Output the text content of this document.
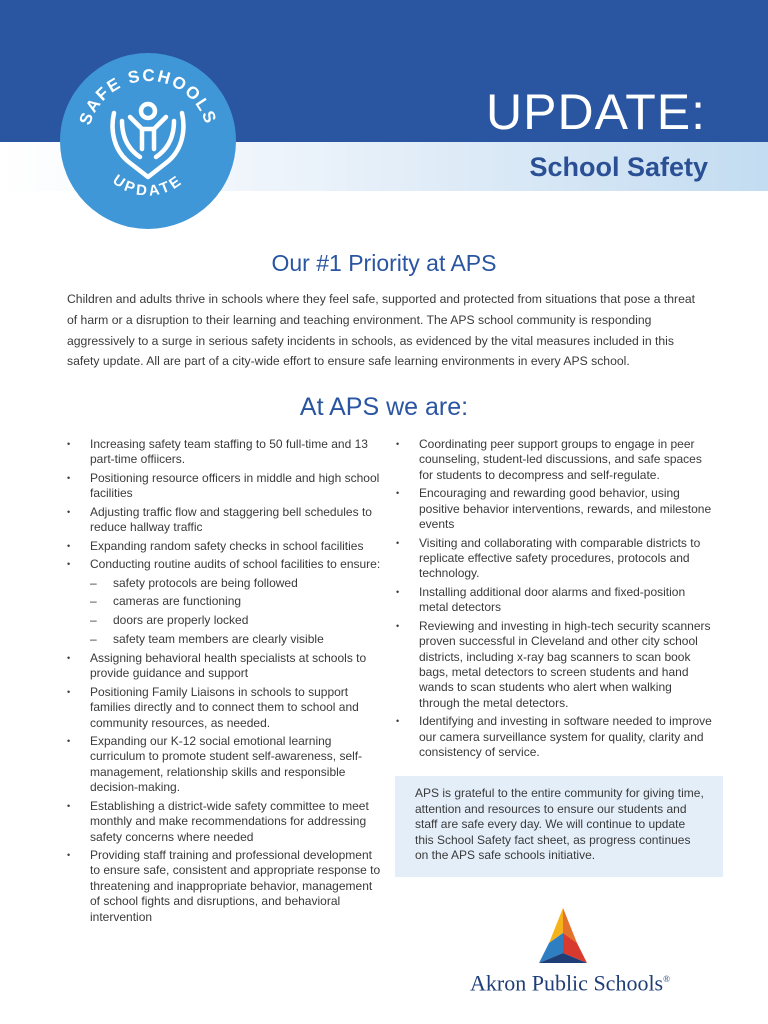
SAFE SCHOOLS
UPDATE
UPDATE:
School Safety
Our #1 Priority at APS

Children and adults thrive in schools where they feel safe, supported and protected from situations that pose a threat of harm or a disruption to their learning and teaching environment. The APS school community is responding aggressively to a surge in serious safety incidents in schools, as evidenced by the vital measures included in this safety update. All are part of a city-wide effort to ensure safe learning environments in every APS school.

At APS we are:
• Increasing safety team staffing to 50 full-time and 13 part-time offiicers.
• Positioning resource officers in middle and high school facilities
• Adjusting traffic flow and staggering bell schedules to reduce hallway traffic
• Expanding random safety checks in school facilities
• Conducting routine audits of school facilities to ensure:
– safety protocols are being followed
– cameras are functioning
– doors are properly locked
– safety team members are clearly visible
• Assigning behavioral health specialists at schools to provide guidance and support
• Positioning Family Liaisons in schools to support families directly and to connect them to school and community resources, as needed.
• Expanding our K-12 social emotional learning curriculum to promote student self-awareness, self-management, relationship skills and responsible decision-making.
• Establishing a district-wide safety committee to meet monthly and make recommendations for addressing safety concerns where needed
• Providing staff training and professional development to ensure safe, consistent and appropriate response to threatening and inappropriate behavior, management of school fights and disruptions, and behavioral intervention
• Coordinating peer support groups to engage in peer counseling, student-led discussions, and safe spaces for students to decompress and self-regulate.
• Encouraging and rewarding good behavior, using positive behavior interventions, rewards, and milestone events
• Visiting and collaborating with comparable districts to replicate effective safety procedures, protocols and technology.
• Installing additional door alarms and fixed-position metal detectors
• Reviewing and investing in high-tech security scanners proven successful in Cleveland and other city school districts, including x-ray bag scanners to scan book bags, metal detectors to screen students and hand wands to scan students who alert when walking through the metal detectors.
• Identifying and investing in software needed to improve our camera surveillance system for quality, clarity and consistency of service.
APS is grateful to the entire community for giving time, attention and resources to ensure our students and staff are safe every day. We will continue to update this School Safety fact sheet, as progress continues on the APS safe schools initiative.

Akron Public Schools®
